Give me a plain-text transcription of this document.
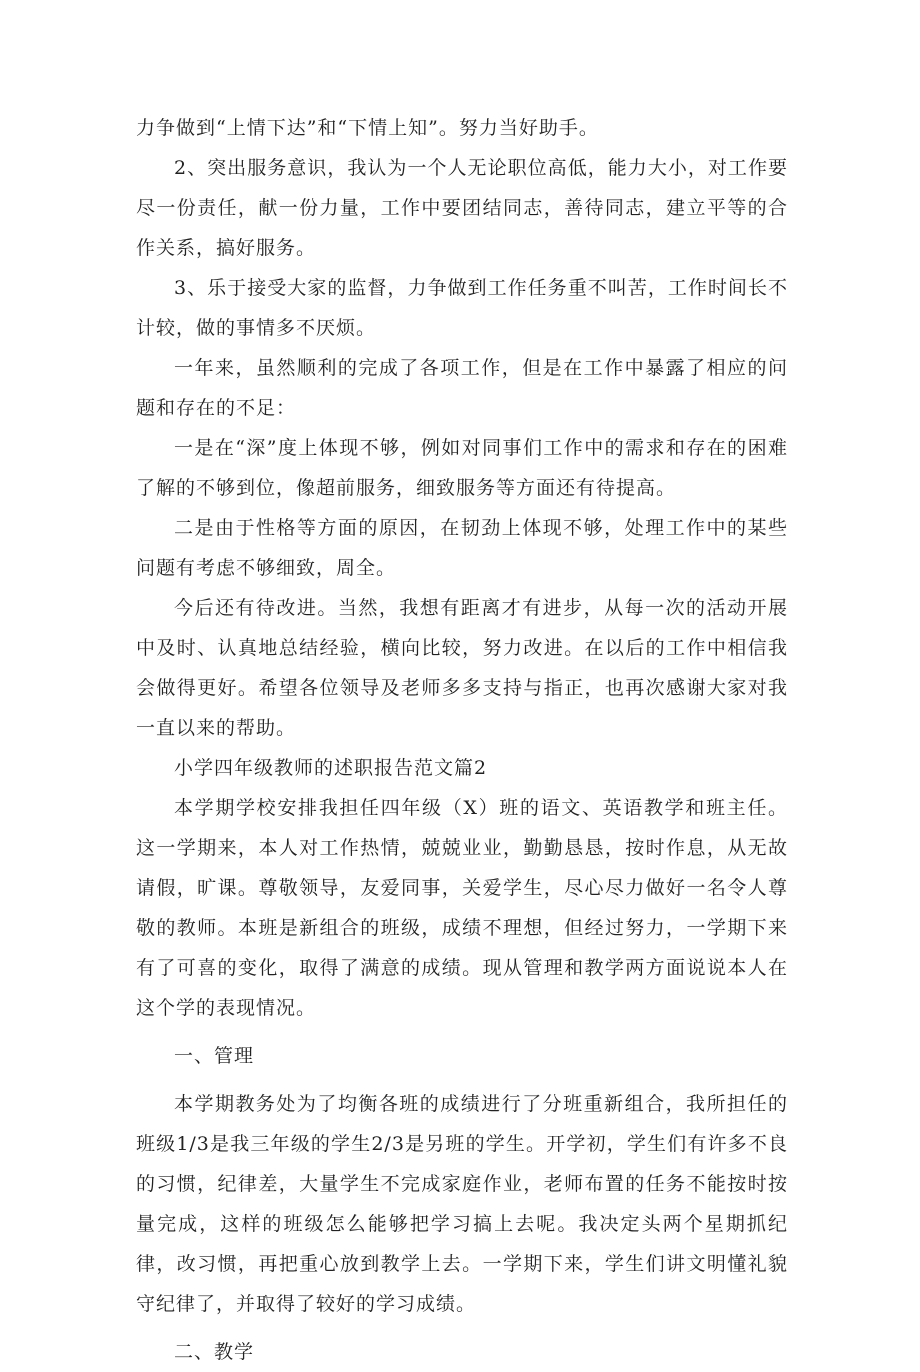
力争做到“上情下达”和“下情上知”。努力当好助手。

2、突出服务意识，我认为一个人无论职位高低，能力大小，对工作要尽一份责任，献一份力量，工作中要团结同志，善待同志，建立平等的合作关系，搞好服务。

3、乐于接受大家的监督，力争做到工作任务重不叫苦，工作时间长不计较，做的事情多不厌烦。

一年来，虽然顺利的完成了各项工作，但是在工作中暴露了相应的问题和存在的不足：

一是在“深”度上体现不够，例如对同事们工作中的需求和存在的困难了解的不够到位，像超前服务，细致服务等方面还有待提高。

二是由于性格等方面的原因，在韧劲上体现不够，处理工作中的某些问题有考虑不够细致，周全。

今后还有待改进。当然，我想有距离才有进步，从每一次的活动开展中及时、认真地总结经验，横向比较，努力改进。在以后的工作中相信我会做得更好。希望各位领导及老师多多支持与指正，也再次感谢大家对我一直以来的帮助。

小学四年级教师的述职报告范文篇2

本学期学校安排我担任四年级（X）班的语文、英语教学和班主任。这一学期来，本人对工作热情，兢兢业业，勤勤恳恳，按时作息，从无故请假，旷课。尊敬领导，友爱同事，关爱学生，尽心尽力做好一名令人尊敬的教师。本班是新组合的班级，成绩不理想，但经过努力，一学期下来有了可喜的变化，取得了满意的成绩。现从管理和教学两方面说说本人在这个学的表现情况。

一、管理

本学期教务处为了均衡各班的成绩进行了分班重新组合，我所担任的班级1/3是我三年级的学生2/3是另班的学生。开学初，学生们有许多不良的习惯，纪律差，大量学生不完成家庭作业，老师布置的任务不能按时按量完成，这样的班级怎么能够把学习搞上去呢。我决定头两个星期抓纪律，改习惯，再把重心放到教学上去。一学期下来，学生们讲文明懂礼貌守纪律了，并取得了较好的学习成绩。

二、教学
